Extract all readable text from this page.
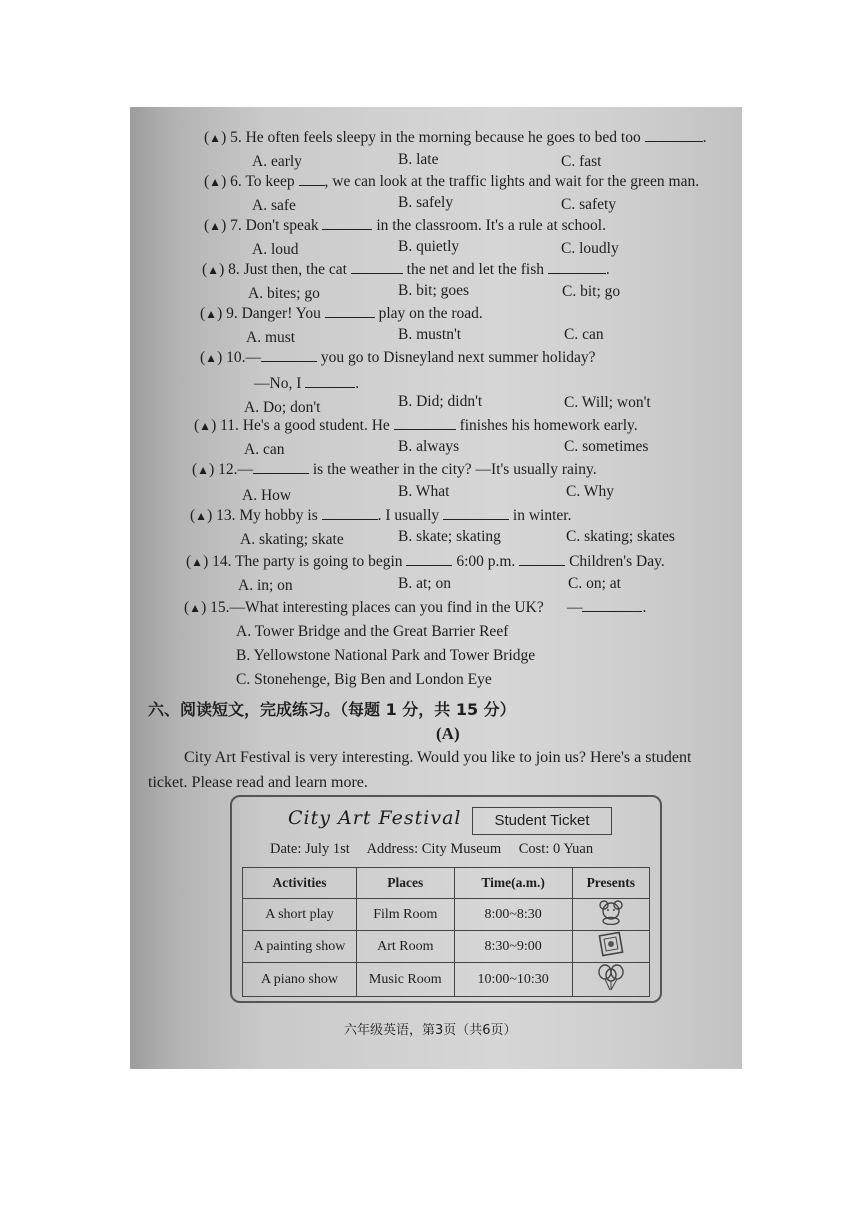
(▲) 5. He often feels sleepy in the morning because he goes to bed too	.
A. early	B. late	C. fast
(▲) 6. To keep , we can look at the traffic lights and wait for the green man.
A. safe	B. safely	C. safety
(▲) 7. Don't speak	in the classroom. It's a rule at school.
A. loud	B. quietly	C. loudly
(▲) 8. Just then, the cat	the net and let the fish	.
A. bites; go	B. bit; goes	C. bit; go
(▲) 9. Danger! You	play on the road.
A. must	B. mustn't	C. can
(▲) 10.—	you go to Disneyland next summer holiday?
—No, I	.
A. Do; don't	B. Did; didn't	C. Will; won't
(▲) 11. He's a good student. He	finishes his homework early.
A. can	B. always	C. sometimes
(▲) 12.—	is the weather in the city? —It's usually rainy.
A. How	B. What	C. Why
(▲) 13. My hobby is	. I usually	in winter.
A. skating; skate	B. skate; skating	C. skating; skates
(▲) 14. The party is going to begin	6:00 p.m.	Children's Day.
A. in; on	B. at; on	C. on; at
(▲) 15.—What interesting places can you find in the UK? —	.
A. Tower Bridge and the Great Barrier Reef
B. Yellowstone National Park and Tower Bridge
C. Stonehenge, Big Ben and London Eye
六、阅读短文，完成练习。（每题 1 分，共 15 分）
(A)
City Art Festival is very interesting. Would you like to join us? Here's a student
ticket. Please read and learn more.
City Art Festival	Student Ticket
Date: July 1st Address: City Museum Cost: 0 Yuan
Activities	Places	Time(a.m.)	Presents
A short play	Film Room	8:00~8:30	
A painting show	Art Room	8:30~9:00	
A piano show	Music Room	10:00~10:30	
六年级英语，第3页（共6页）
